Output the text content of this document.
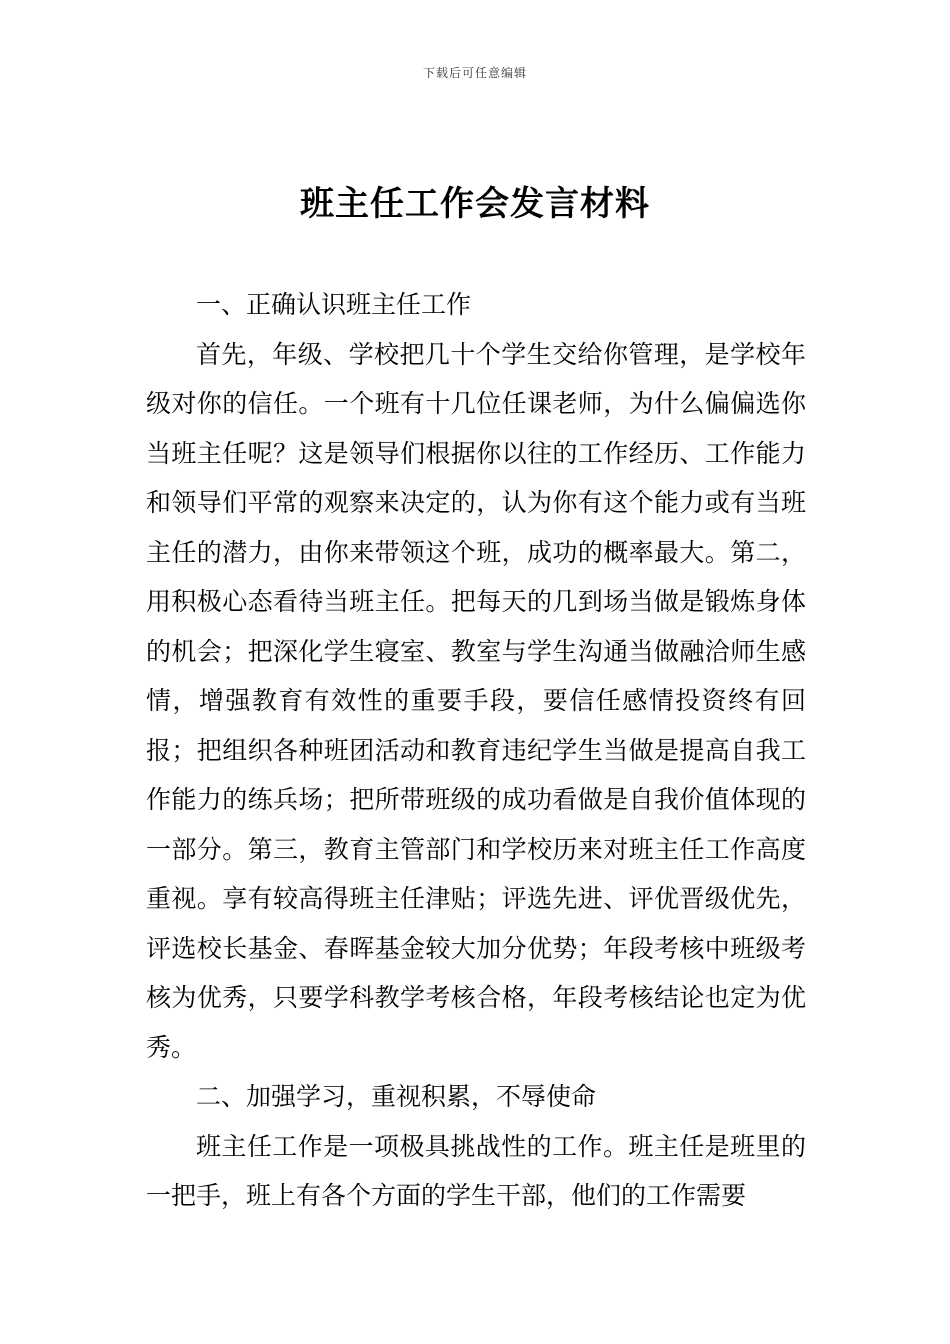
下载后可任意编辑
班主任工作会发言材料

一、正确认识班主任工作

首先，年级、学校把几十个学生交给你管理，是学校年级对你的信任。一个班有十几位任课老师，为什么偏偏选你当班主任呢？这是领导们根据你以往的工作经历、工作能力和领导们平常的观察来决定的，认为你有这个能力或有当班主任的潜力，由你来带领这个班，成功的概率最大。第二，用积极心态看待当班主任。把每天的几到场当做是锻炼身体的机会；把深化学生寝室、教室与学生沟通当做融洽师生感情，增强教育有效性的重要手段，要信任感情投资终有回报；把组织各种班团活动和教育违纪学生当做是提高自我工作能力的练兵场；把所带班级的成功看做是自我价值体现的一部分。第三，教育主管部门和学校历来对班主任工作高度重视。享有较高得班主任津贴；评选先进、评优晋级优先，评选校长基金、春晖基金较大加分优势；年段考核中班级考核为优秀，只要学科教学考核合格，年段考核结论也定为优秀。

二、加强学习，重视积累，不辱使命

班主任工作是一项极具挑战性的工作。班主任是班里的一把手，班上有各个方面的学生干部，他们的工作需要
